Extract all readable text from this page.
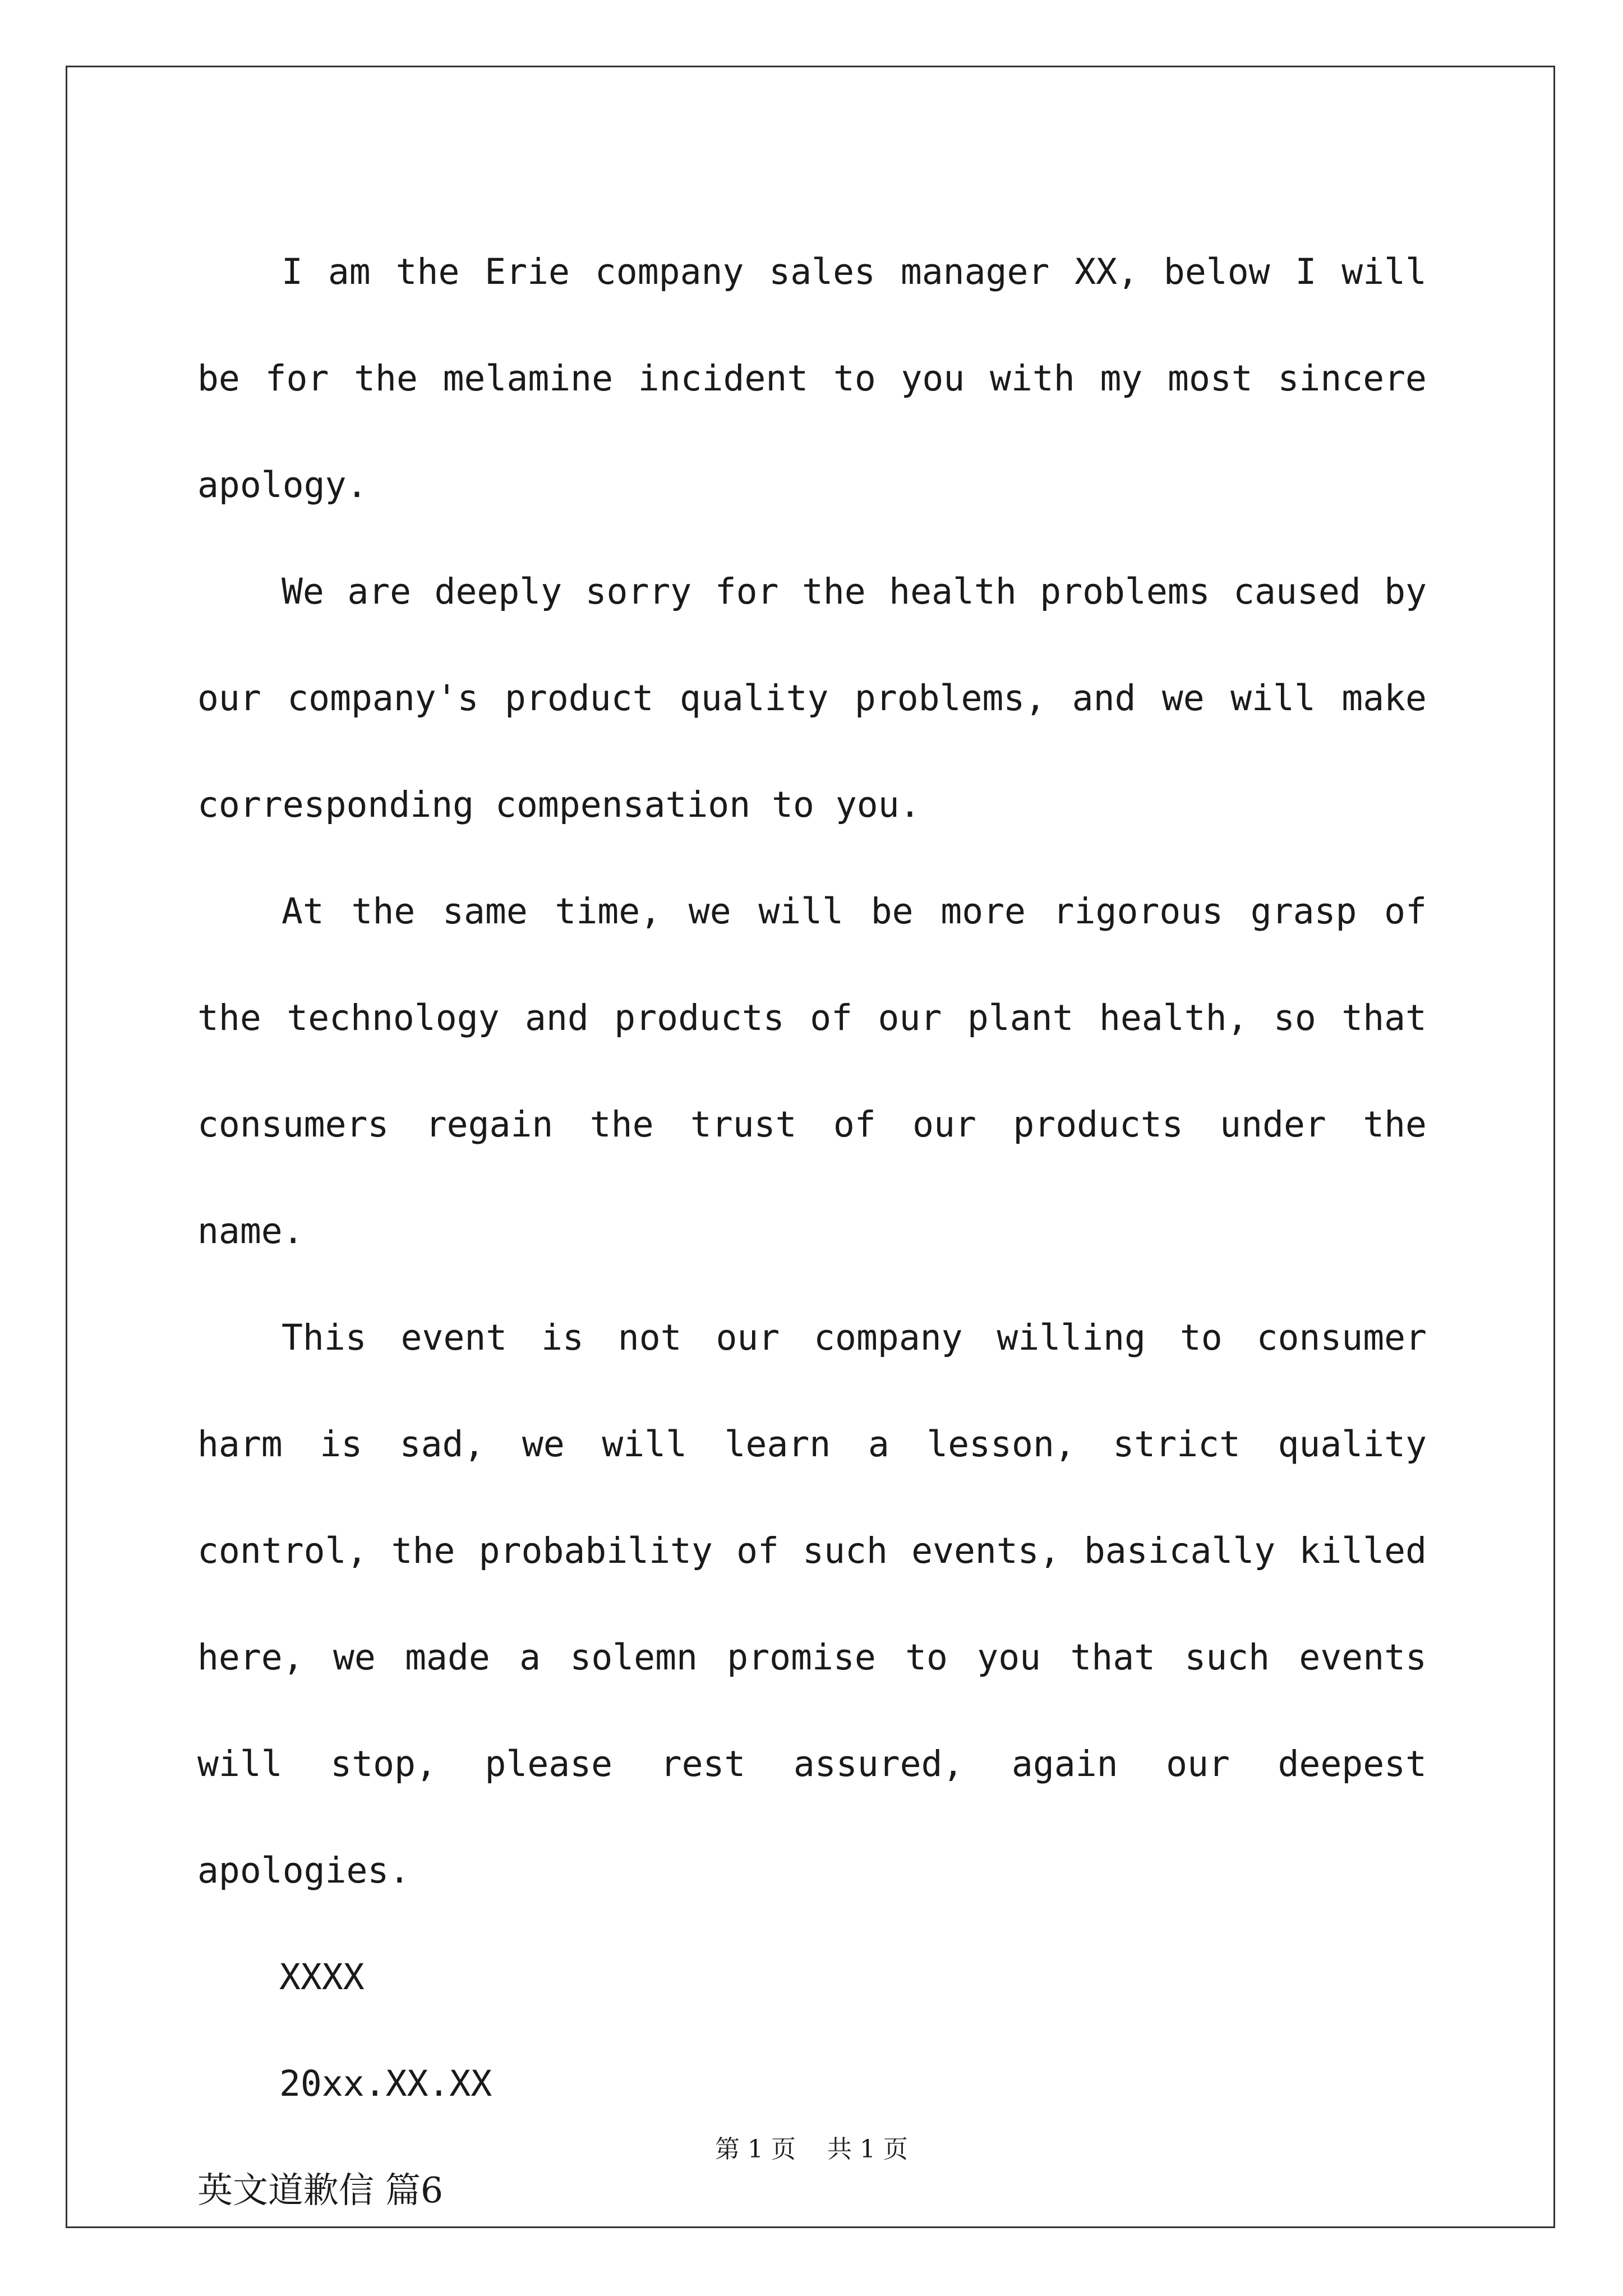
I am the Erie company sales manager XX, below I will be for the melamine incident to you with my most sincere apology.

We are deeply sorry for the health problems caused by our company's product quality problems, and we will make corresponding compensation to you.

At the same time, we will be more rigorous grasp of the technology and products of our plant health, so that consumers regain the trust of our products under the name.

This event is not our company willing to consumer harm is sad, we will learn a lesson, strict quality control, the probability of such events, basically killed here, we made a solemn promise to you that such events will stop, please rest assured, again our deepest apologies.

XXXX

20xx.XX.XX

英文道歉信 篇6

第 1 页 共 1 页
